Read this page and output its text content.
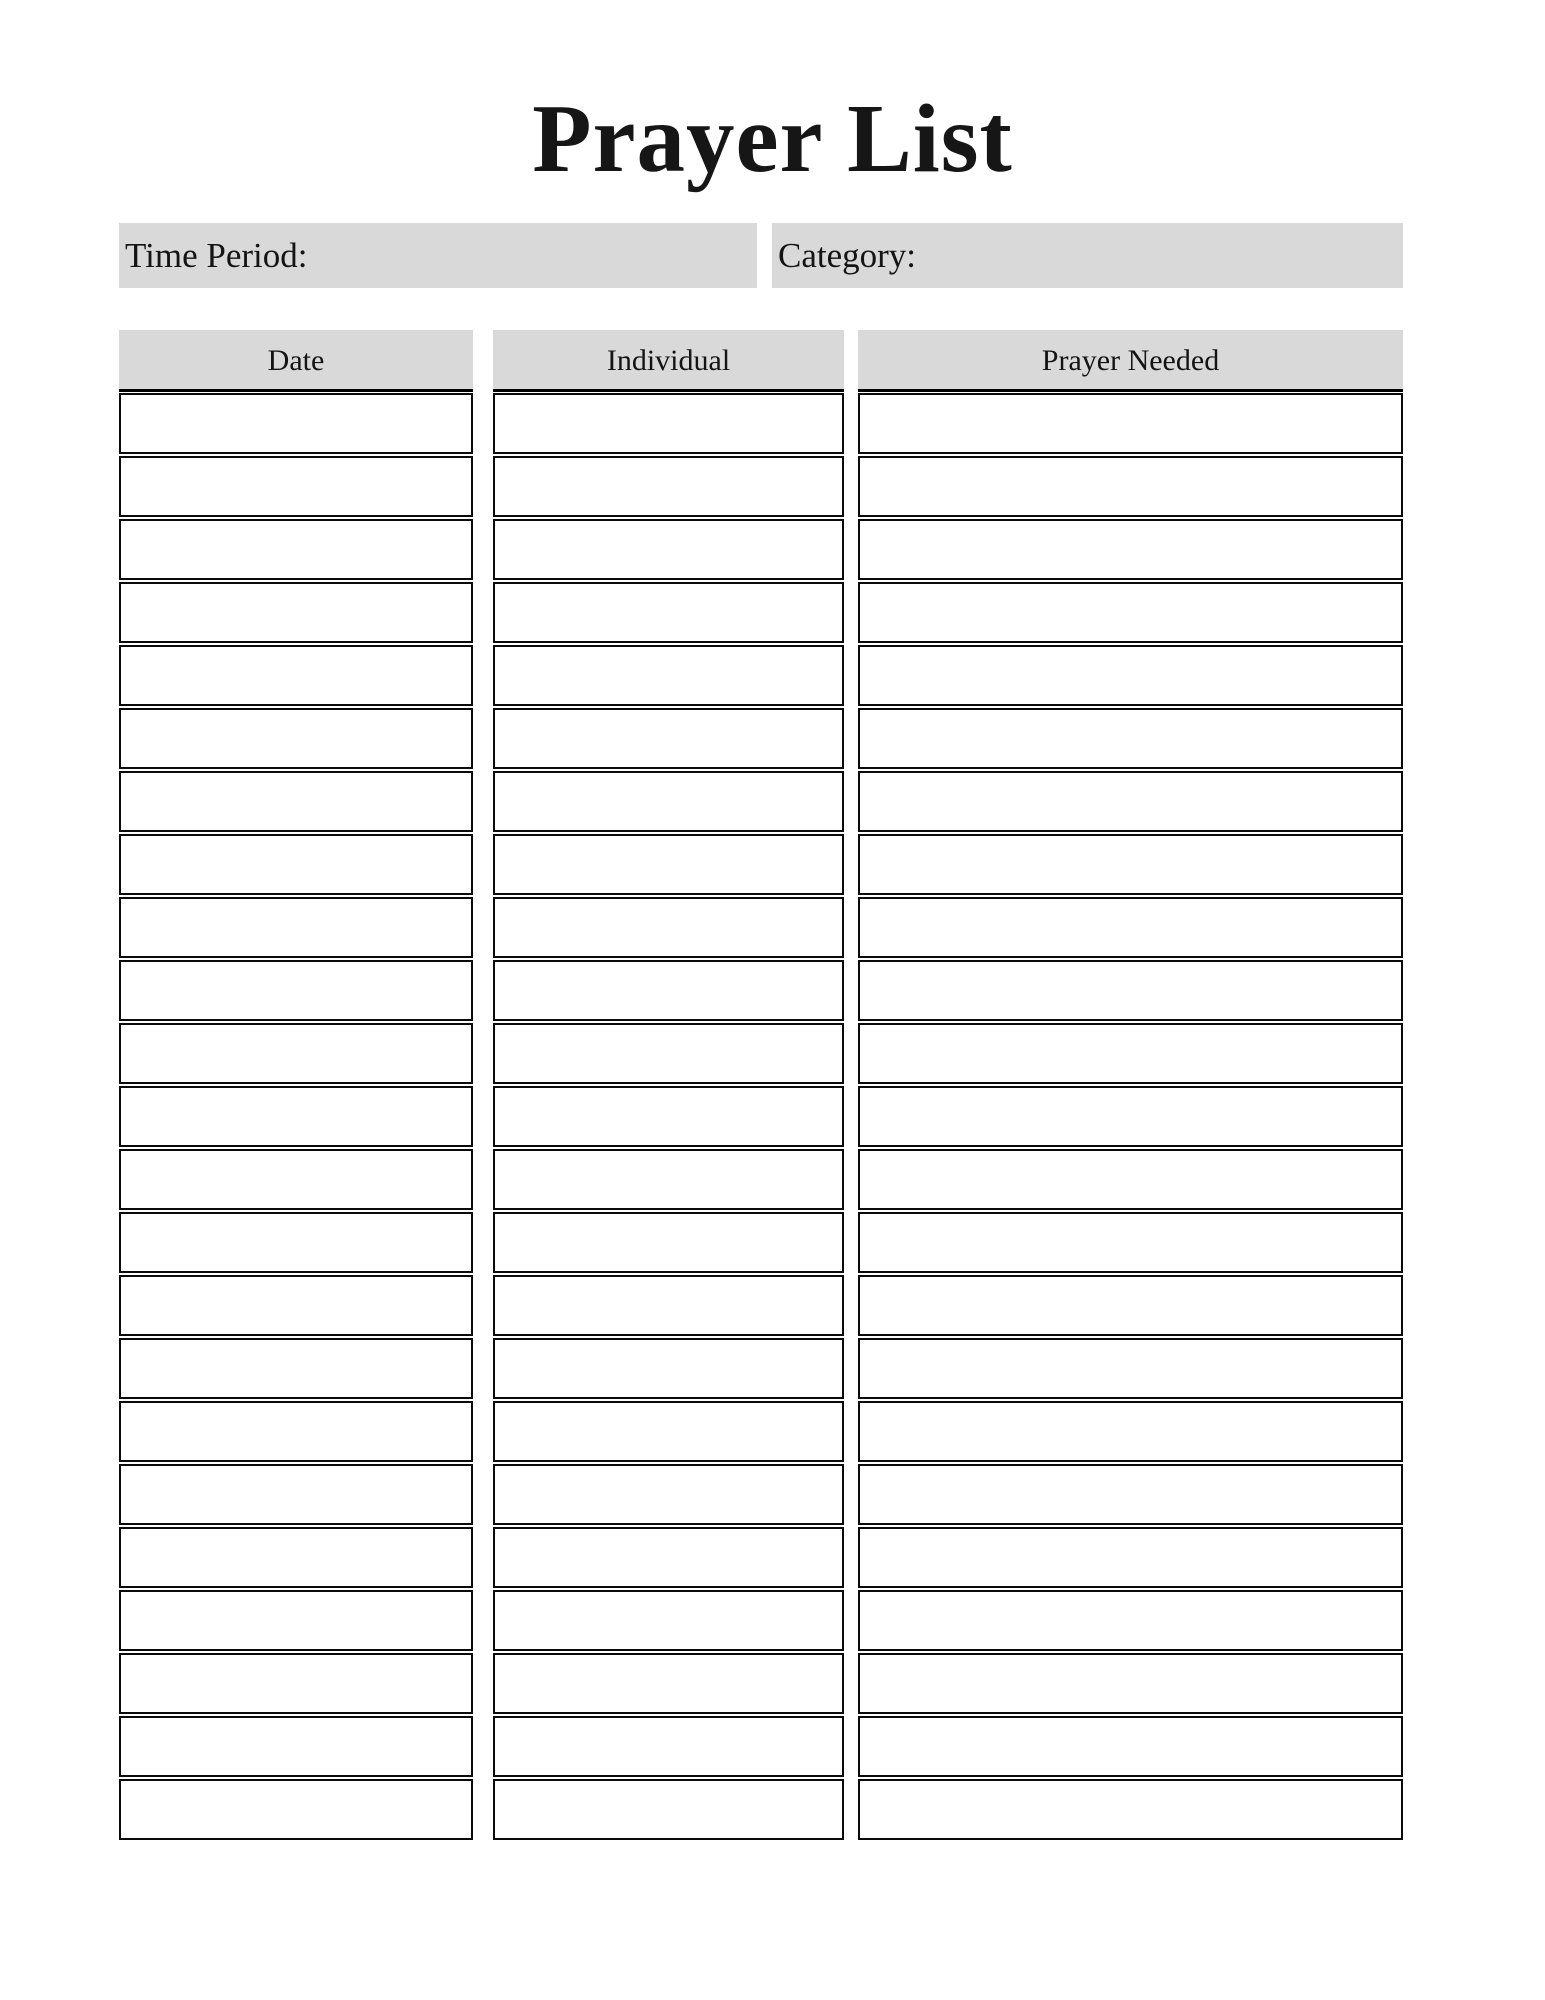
Prayer List
Time Period:	Category:
Date	Individual	Prayer Needed
